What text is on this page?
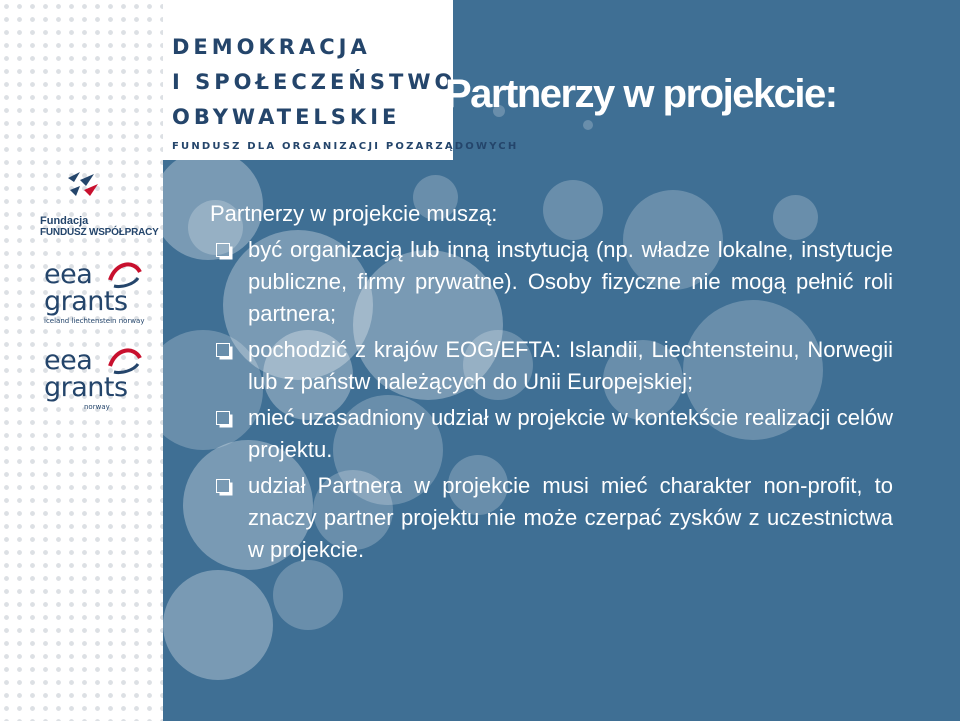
DEMOKRACJA
I SPOŁECZEŃSTWO
OBYWATELSKIE
FUNDUSZ DLA ORGANIZACJI POZARZĄDOWYCH
Partnerzy w projekcie:
Fundacja
FUNDUSZ WSPÓŁPRACY
eea
grants
iceland liechtenstein norway
eea
grants
norway

Partnerzy w projekcie muszą:

być organizacją lub inną instytucją (np. władze lokalne, instytucje publiczne, firmy prywatne). Osoby fizyczne nie mogą pełnić roli partnera;
pochodzić z krajów EOG/EFTA: Islandii, Liechtensteinu, Norwegii lub z państw należących do Unii Europejskiej;
mieć uzasadniony udział w projekcie w kontekście realizacji celów projektu.
udział Partnera w projekcie musi mieć charakter non-profit, to znaczy partner projektu nie może czerpać zysków z uczestnictwa w projekcie.
